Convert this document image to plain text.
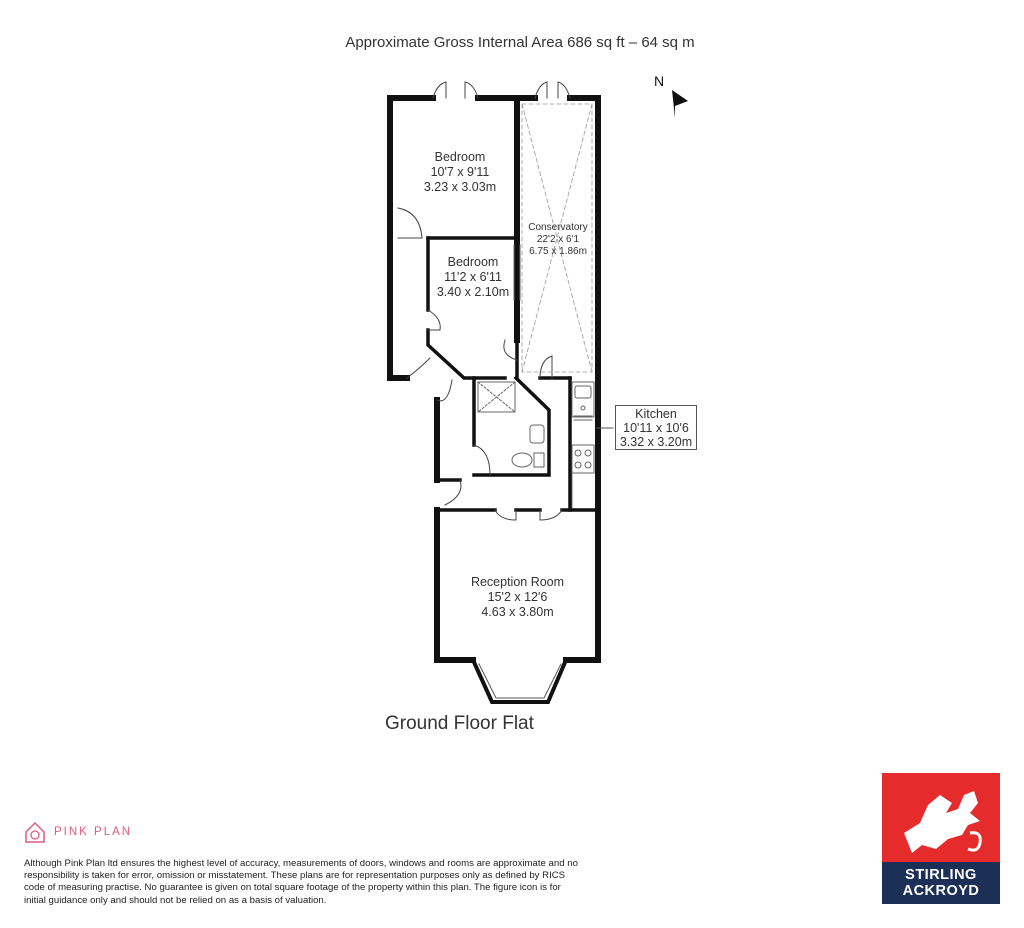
Approximate Gross Internal Area 686 sq ft – 64 sq m
N
Bedroom
10'7 x 9'11
3.23 x 3.03m
Bedroom
11'2 x 6'11
3.40 x 2.10m
Conservatory
22'2 x 6'1
6.75 x 1.86m
Kitchen
10'11 x 10'6
3.32 x 3.20m
Reception Room
15'2 x 12'6
4.63 x 3.80m
Ground Floor Flat
PINK PLAN
Although Pink Plan ltd ensures the highest level of accuracy, measurements of doors, windows and rooms are approximate and no responsibility is taken for error, omission or misstatement. These plans are for representation purposes only as defined by RICS code of measuring practise. No guarantee is given on total square footage of the property within this plan. The figure icon is for initial guidance only and should not be relied on as a basis of valuation.
STIRLING
ACKROYD
